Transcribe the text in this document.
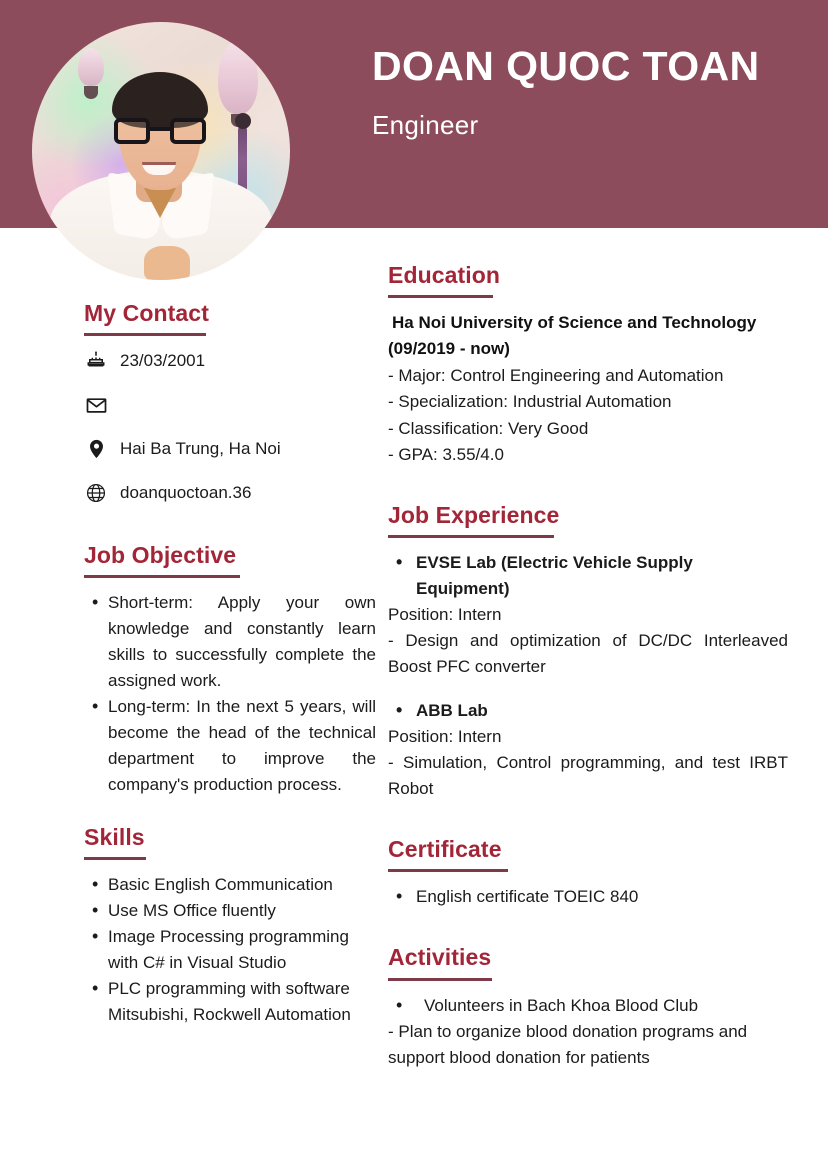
DOAN QUOC TOAN
Engineer
My Contact
23/03/2001
Hai Ba Trung, Ha Noi
doanquoctoan.36
Job Objective
• Short-term: Apply your own knowledge and constantly learn skills to successfully complete the assigned work.
• Long-term: In the next 5 years, will become the head of the technical department to improve the company's production process.
Skills
• Basic English Communication
• Use MS Office fluently
• Image Processing programming with C# in Visual Studio
• PLC programming with software Mitsubishi, Rockwell Automation
Education
Ha Noi University of Science and Technology
(09/2019 - now)
- Major: Control Engineering and Automation
- Specialization: Industrial Automation
- Classification: Very Good
- GPA: 3.55/4.0
Job Experience
• EVSE Lab (Electric Vehicle Supply Equipment)
Position: Intern
- Design and optimization of DC/DC Interleaved Boost PFC converter
• ABB Lab
Position: Intern
- Simulation, Control programming, and test IRBT Robot
Certificate
• English certificate TOEIC 840
Activities
• Volunteers in Bach Khoa Blood Club
- Plan to organize blood donation programs and support blood donation for patients
